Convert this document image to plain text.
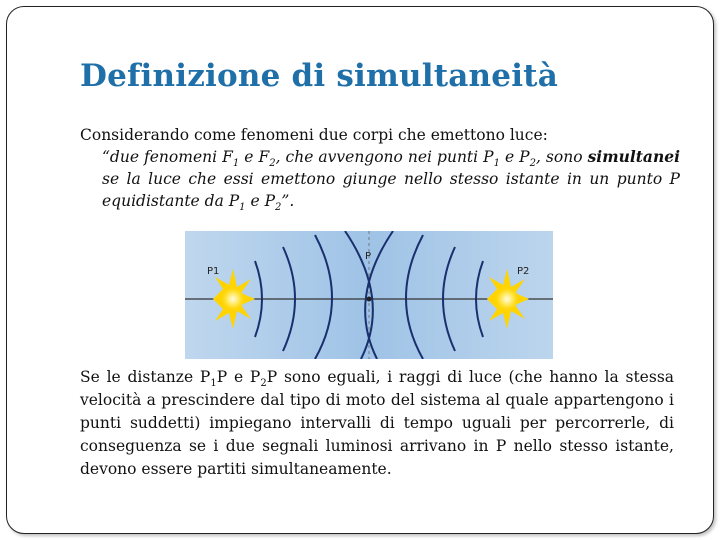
Definizione di simultaneità
Considerando come fenomeni due corpi che emettono luce:
“due fenomeni $F_1$ e $F_2$, che avvengono nei punti $P_1$ e $P_2$, sono simultanei se la luce che essi emettono giunge nello stesso istante in un punto P equidistante da $P_1$ e $P_2$”.
P1
P
P2
Se le distanze $P_1P$ e $P_2P$ sono eguali, i raggi di luce (che hanno la stessa velocità a prescindere dal tipo di moto del sistema al quale appartengono i punti suddetti) impiegano intervalli di tempo uguali per percorrerle, di conseguenza se i due segnali luminosi arrivano in P nello stesso istante, devono essere partiti simultaneamente.
